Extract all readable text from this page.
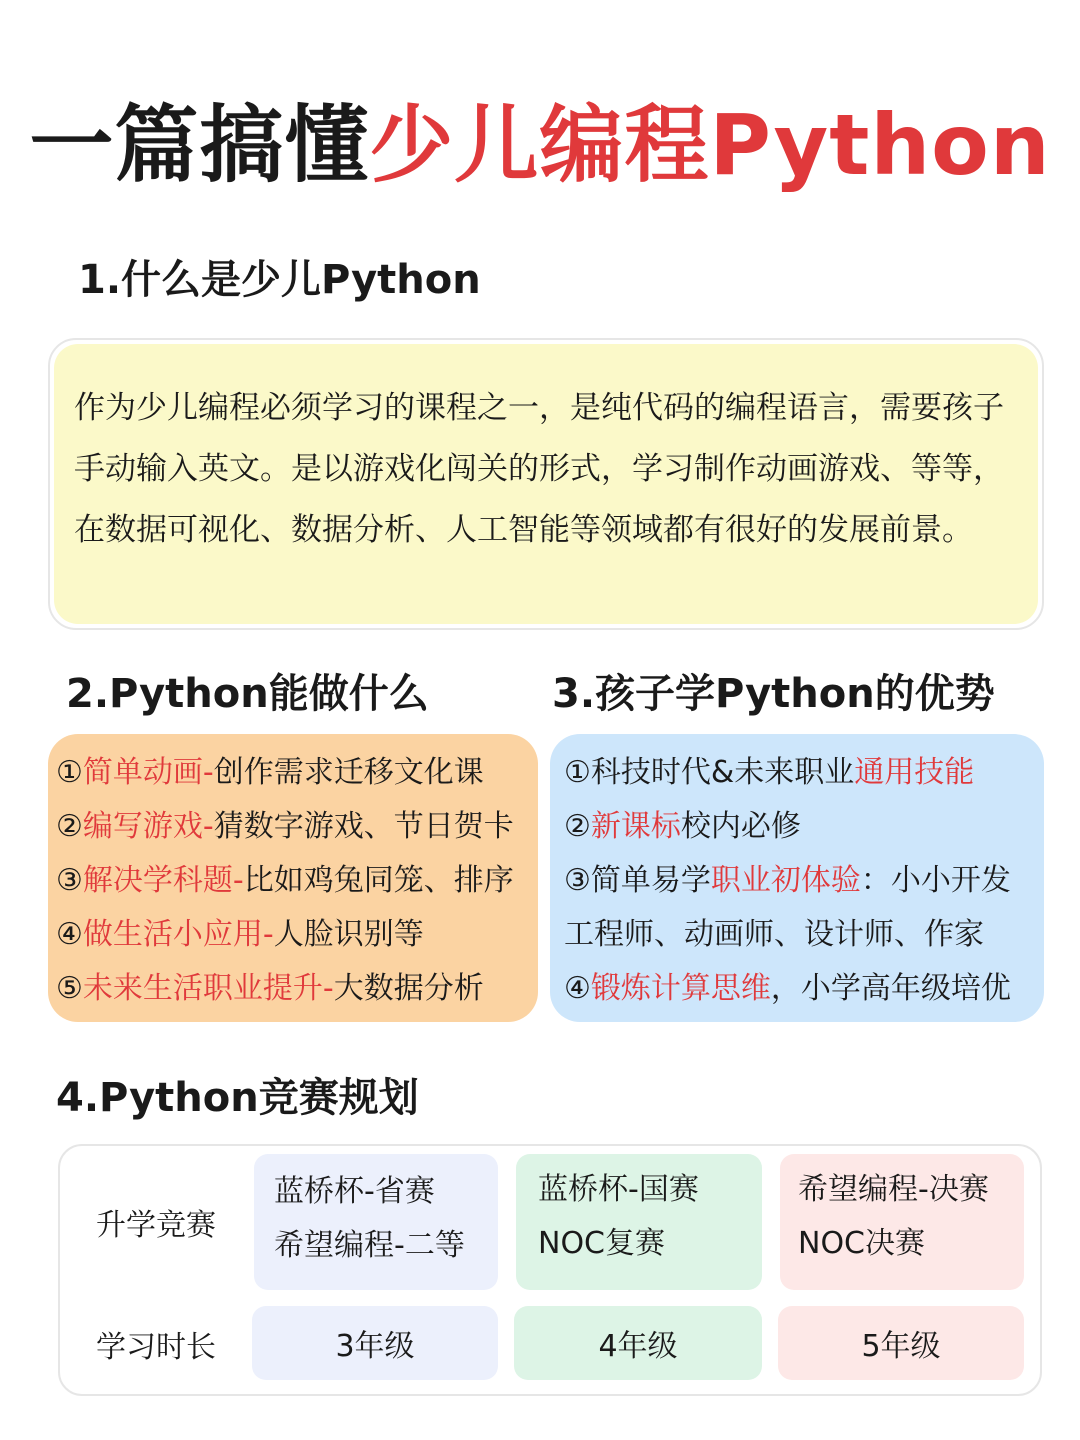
一篇搞懂少儿编程Python
1.什么是少儿Python
作为少儿编程必须学习的课程之一，是纯代码的编程语言，需要孩子手动输入英文。是以游戏化闯关的形式，学习制作动画游戏、等等，在数据可视化、数据分析、人工智能等领域都有很好的发展前景。
2.Python能做什么
①简单动画-创作需求迁移文化课
②编写游戏-猜数字游戏、节日贺卡
③解决学科题-比如鸡兔同笼、排序
④做生活小应用-人脸识别等
⑤未来生活职业提升-大数据分析
3.孩子学Python的优势
①科技时代&未来职业通用技能
②新课标校内必修
③简单易学职业初体验：小小开发
工程师、动画师、设计师、作家
④锻炼计算思维，小学高年级培优
4.Python竞赛规划
升学竞赛
学习时长
蓝桥杯-省赛
希望编程-二等
蓝桥杯-国赛
NOC复赛
希望编程-决赛
NOC决赛
3年级	4年级	5年级
